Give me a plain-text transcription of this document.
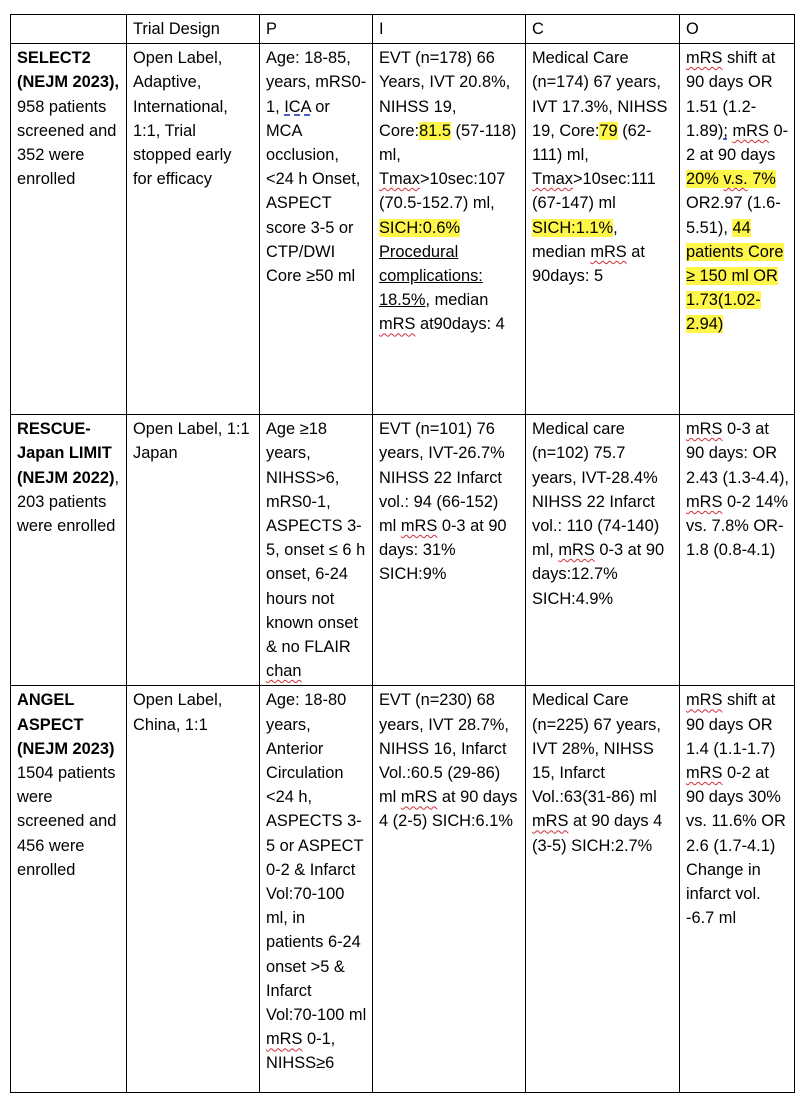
	Trial Design	P	I	C	O

SELECT2 (NEJM 2023), 958 patients screened and 352 were enrolled	Open Label, Adaptive, International, 1:1, Trial stopped early for efficacy	Age: 18-85, years, mRS0-1, ICA or MCA occlusion, <24 h Onset, ASPECT score 3-5 or CTP/DWI Core ≥50 ml	EVT (n=178) 66 Years, IVT 20.8%, NIHSS 19, Core:81.5 (57-118) ml, Tmax>10sec:107 (70.5-152.7) ml, SICH:0.6% Procedural complications: 18.5%, median mRS at90days: 4	Medical Care (n=174) 67 years, IVT 17.3%, NIHSS 19, Core:79 (62-111) ml, Tmax>10sec:111 (67-147) ml SICH:1.1%, median mRS at 90days: 5	mRS shift at 90 days OR 1.51 (1.2-1.89); mRS 0-2 at 90 days 20% v.s. 7% OR2.97 (1.6-5.51), 44 patients Core ≥ 150 ml OR 1.73(1.02-2.94)

RESCUE-Japan LIMIT (NEJM 2022), 203 patients were enrolled	Open Label, 1:1 Japan	Age ≥18 years, NIHSS>6, mRS0-1, ASPECTS 3-5, onset ≤ 6 h onset, 6-24 hours not known onset & no FLAIR chan	EVT (n=101) 76 years, IVT-26.7% NIHSS 22 Infarct vol.: 94 (66-152) ml mRS 0-3 at 90 days: 31% SICH:9%	Medical care (n=102) 75.7 years, IVT-28.4% NIHSS 22 Infarct vol.: 110 (74-140) ml, mRS 0-3 at 90 days:12.7% SICH:4.9%	mRS 0-3 at 90 days: OR 2.43 (1.3-4.4), mRS 0-2 14% vs. 7.8% OR-1.8 (0.8-4.1)

ANGEL ASPECT (NEJM 2023) 1504 patients were screened and 456 were enrolled	Open Label, China, 1:1	Age: 18-80 years, Anterior Circulation <24 h, ASPECTS 3-5 or ASPECT 0-2 & Infarct Vol:70-100 ml, in patients 6-24 onset >5 & Infarct Vol:70-100 ml mRS 0-1, NIHSS≥6	EVT (n=230) 68 years, IVT 28.7%, NIHSS 16, Infarct Vol.:60.5 (29-86) ml mRS at 90 days 4 (2-5) SICH:6.1%	Medical Care (n=225) 67 years, IVT 28%, NIHSS 15, Infarct Vol.:63(31-86) ml mRS at 90 days 4 (3-5) SICH:2.7%	mRS shift at 90 days OR 1.4 (1.1-1.7) mRS 0-2 at 90 days 30% vs. 11.6% OR 2.6 (1.7-4.1) Change in infarct vol. -6.7 ml
